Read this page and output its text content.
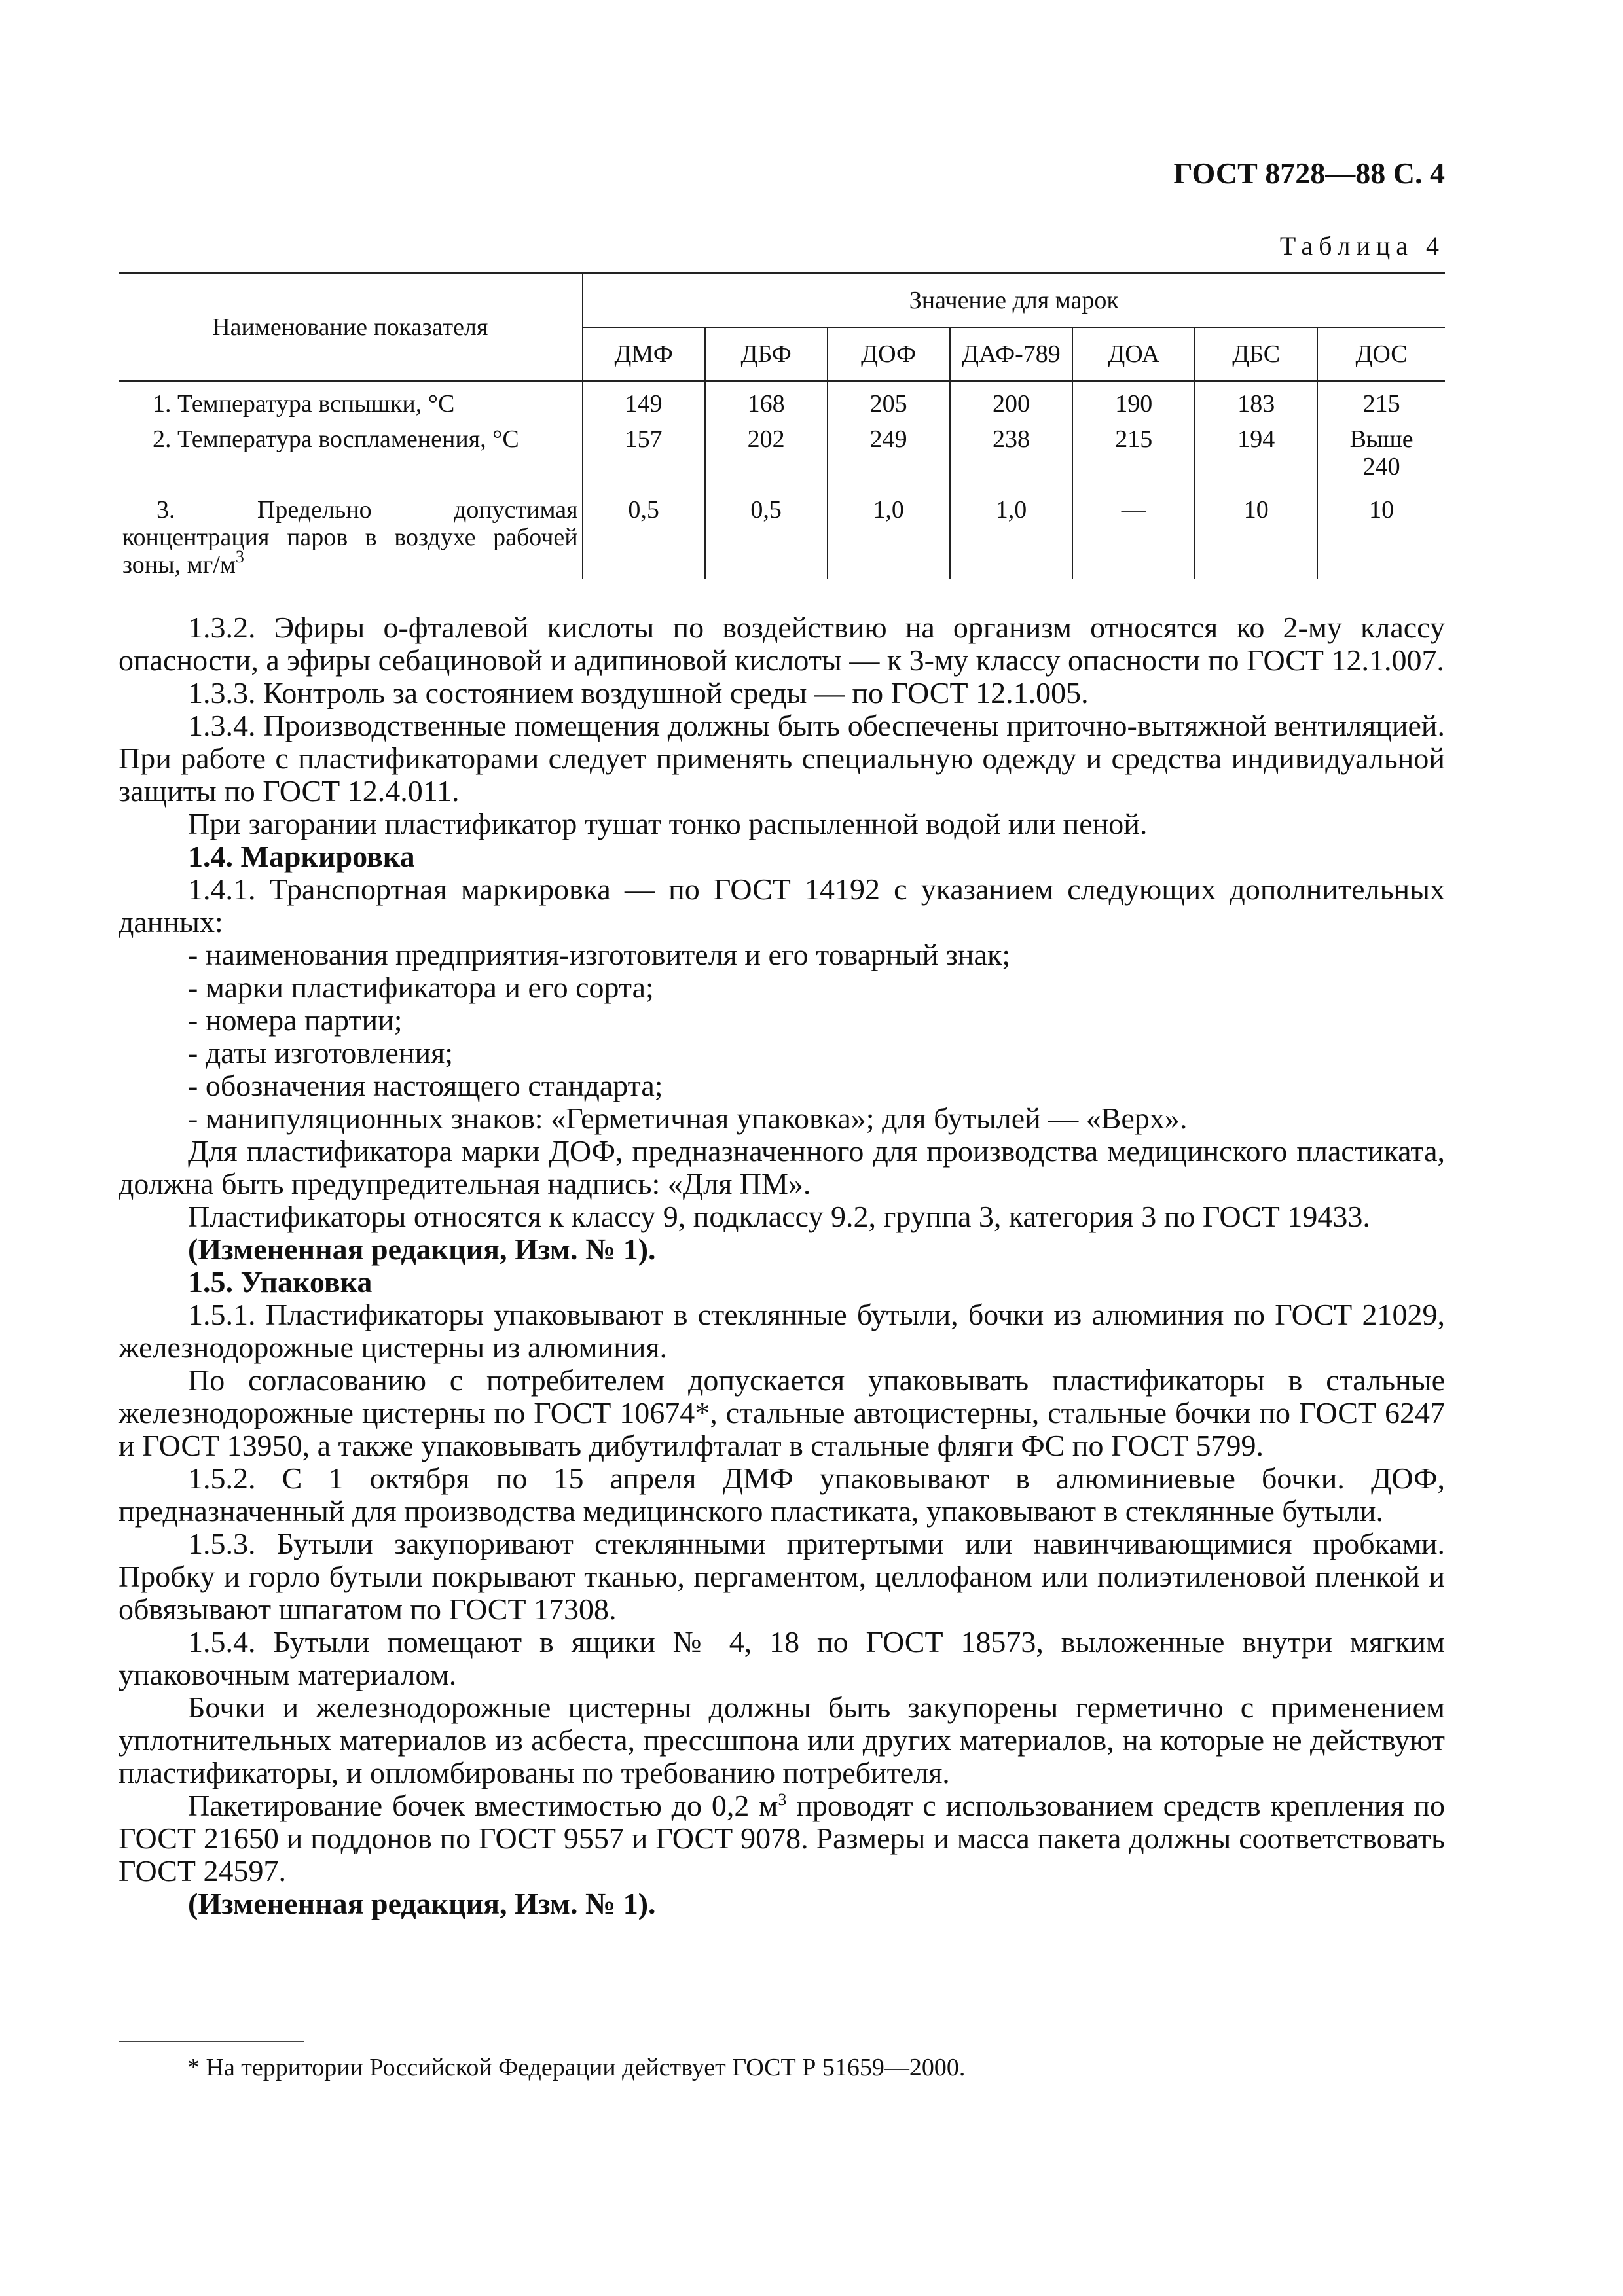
ГОСТ 8728—88 С. 4
Таблица 4
Наименование показателя	Значение для марок						
	ДМФ	ДБФ	ДОФ	ДАФ-789	ДОА	ДБС	ДОС
1. Температура вспышки, °С	149	168	205	200	190	183	215
2. Температура воспламенения, °С	157	202	249	238	215	194	Выше 240
3. Предельно допустимая концентрация паров в воздухе рабочей зоны, $мг/м^3$	0,5	0,5	1,0	1,0	—	10	10

1.3.2. Эфиры о-фталевой кислоты по воздействию на организм относятся ко 2-му классу опасности, а эфиры себациновой и адипиновой кислоты — к 3-му классу опасности по ГОСТ 12.1.007.

1.3.3. Контроль за состоянием воздушной среды — по ГОСТ 12.1.005.

1.3.4. Производственные помещения должны быть обеспечены приточно-вытяжной вентиляцией. При работе с пластификаторами следует применять специальную одежду и средства индивидуальной защиты по ГОСТ 12.4.011.

При загорании пластификатор тушат тонко распыленной водой или пеной.

1.4. Маркировка

1.4.1. Транспортная маркировка — по ГОСТ 14192 с указанием следующих дополнительных данных:

- наименования предприятия-изготовителя и его товарный знак;
- марки пластификатора и его сорта;
- номера партии;
- даты изготовления;
- обозначения настоящего стандарта;
- манипуляционных знаков: «Герметичная упаковка»; для бутылей — «Верх».

Для пластификатора марки ДОФ, предназначенного для производства медицинского пластиката, должна быть предупредительная надпись: «Для ПМ».

Пластификаторы относятся к классу 9, подклассу 9.2, группа 3, категория 3 по ГОСТ 19433.

(Измененная редакция, Изм. № 1).

1.5. Упаковка

1.5.1. Пластификаторы упаковывают в стеклянные бутыли, бочки из алюминия по ГОСТ 21029, железнодорожные цистерны из алюминия.

По согласованию с потребителем допускается упаковывать пластификаторы в стальные железнодорожные цистерны по ГОСТ 10674*, стальные автоцистерны, стальные бочки по ГОСТ 6247 и ГОСТ 13950, а также упаковывать дибутилфталат в стальные фляги ФС по ГОСТ 5799.

1.5.2. С 1 октября по 15 апреля ДМФ упаковывают в алюминиевые бочки. ДОФ, предназначенный для производства медицинского пластиката, упаковывают в стеклянные бутыли.

1.5.3. Бутыли закупоривают стеклянными притертыми или навинчивающимися пробками. Пробку и горло бутыли покрывают тканью, пергаментом, целлофаном или полиэтиленовой пленкой и обвязывают шпагатом по ГОСТ 17308.

1.5.4. Бутыли помещают в ящики № 4, 18 по ГОСТ 18573, выложенные внутри мягким упаковочным материалом.

Бочки и железнодорожные цистерны должны быть закупорены герметично с применением уплотнительных материалов из асбеста, прессшпона или других материалов, на которые не действуют пластификаторы, и опломбированы по требованию потребителя.

Пакетирование бочек вместимостью до 0,2 $м^3$ проводят с использованием средств крепления по ГОСТ 21650 и поддонов по ГОСТ 9557 и ГОСТ 9078. Размеры и масса пакета должны соответствовать ГОСТ 24597.

(Измененная редакция, Изм. № 1).

* На территории Российской Федерации действует ГОСТ Р 51659—2000.
